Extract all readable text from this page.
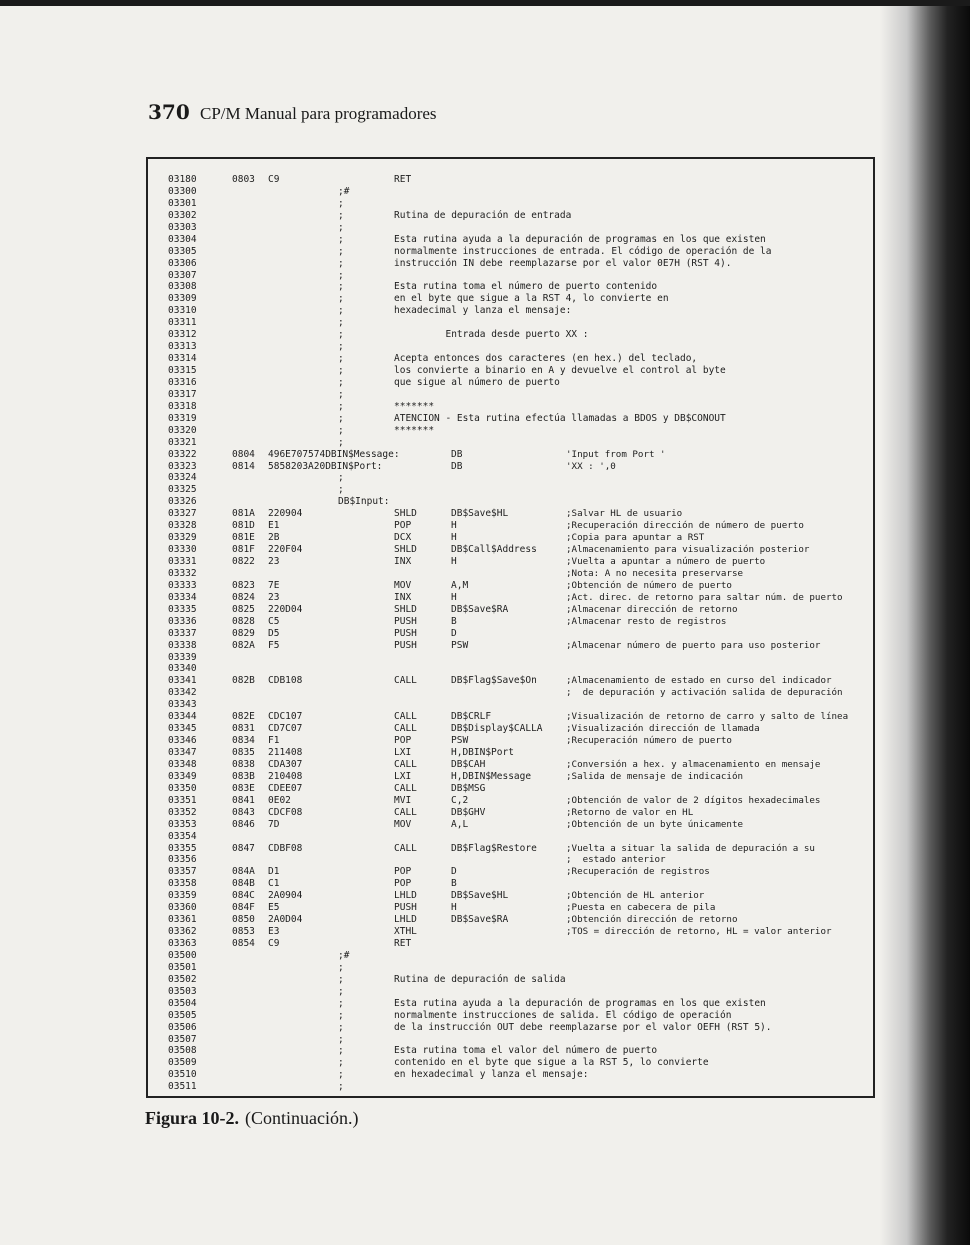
370 CP/M Manual para programadores
03180	0803 C9	RET
03300	;#
03301	;
03302	;	Rutina de depuración de entrada
03303	;
03304	;	Esta rutina ayuda a la depuración de programas en los que existen
03305	;	normalmente instrucciones de entrada. El código de operación de la
03306	;	instrucción IN debe reemplazarse por el valor 0E7H (RST 4).
03307	;
03308	;	Esta rutina toma el número de puerto contenido
03309	;	en el byte que sigue a la RST 4, lo convierte en
03310	;	hexadecimal y lanza el mensaje:
03311	;
03312	;	Entrada desde puerto XX :
03313	;
03314	;	Acepta entonces dos caracteres (en hex.) del teclado,
03315	;	los convierte a binario en A y devuelve el control al byte
03316	;	que sigue al número de puerto
03317	;
03318	;	*******
03319	;	ATENCION - Esta rutina efectúa llamadas a BDOS y DB$CONOUT
03320	;	*******
03321	;
03322	0804 496E707574DBIN$Message:	DB	'Input from Port '
03323	0814 5858203A20DBIN$Port:	DB	'XX : ',0
03324	;
03325	;
03326	DB$Input:
03327	081A 220904	SHLD	DB$Save$HL	;Salvar HL de usuario
03328	081D E1	POP	H	;Recuperación dirección de número de puerto
03329	081E 2B	DCX	H	;Copia para apuntar a RST
03330	081F 220F04	SHLD	DB$Call$Address	;Almacenamiento para visualización posterior
03331	0822 23	INX	H	;Vuelta a apuntar a número de puerto
03332	;Nota: A no necesita preservarse
03333	0823 7E	MOV	A,M	;Obtención de número de puerto
03334	0824 23	INX	H	;Act. direc. de retorno para saltar núm. de puerto
03335	0825 220D04	SHLD	DB$Save$RA	;Almacenar dirección de retorno
03336	0828 C5	PUSH	B	;Almacenar resto de registros
03337	0829 D5	PUSH	D
03338	082A F5	PUSH	PSW	;Almacenar número de puerto para uso posterior
03339
03340
03341	082B CDB108	CALL	DB$Flag$Save$On	;Almacenamiento de estado en curso del indicador
03342	;  de depuración y activación salida de depuración
03343
03344	082E CDC107	CALL	DB$CRLF	;Visualización de retorno de carro y salto de línea
03345	0831 CD7C07	CALL	DB$Display$CALLA	;Visualización dirección de llamada
03346	0834 F1	POP	PSW	;Recuperación número de puerto
03347	0835 211408	LXI	H,DBIN$Port
03348	0838 CDA307	CALL	DB$CAH	;Conversión a hex. y almacenamiento en mensaje
03349	083B 210408	LXI	H,DBIN$Message	;Salida de mensaje de indicación
03350	083E CDEE07	CALL	DB$MSG
03351	0841 0E02	MVI	C,2	;Obtención de valor de 2 dígitos hexadecimales
03352	0843 CDCF08	CALL	DB$GHV	;Retorno de valor en HL
03353	0846 7D	MOV	A,L	;Obtención de un byte únicamente
03354
03355	0847 CDBF08	CALL	DB$Flag$Restore	;Vuelta a situar la salida de depuración a su
03356	;  estado anterior
03357	084A D1	POP	D	;Recuperación de registros
03358	084B C1	POP	B
03359	084C 2A0904	LHLD	DB$Save$HL	;Obtención de HL anterior
03360	084F E5	PUSH	H	;Puesta en cabecera de pila
03361	0850 2A0D04	LHLD	DB$Save$RA	;Obtención dirección de retorno
03362	0853 E3	XTHL	;TOS = dirección de retorno, HL = valor anterior
03363	0854 C9	RET
03500	;#
03501	;
03502	;	Rutina de depuración de salida
03503	;
03504	;	Esta rutina ayuda a la depuración de programas en los que existen
03505	;	normalmente instrucciones de salida. El código de operación
03506	;	de la instrucción OUT debe reemplazarse por el valor OEFH (RST 5).
03507	;
03508	;	Esta rutina toma el valor del número de puerto
03509	;	contenido en el byte que sigue a la RST 5, lo convierte
03510	;	en hexadecimal y lanza el mensaje:
03511	;
Figura 10-2. (Continuación.)
